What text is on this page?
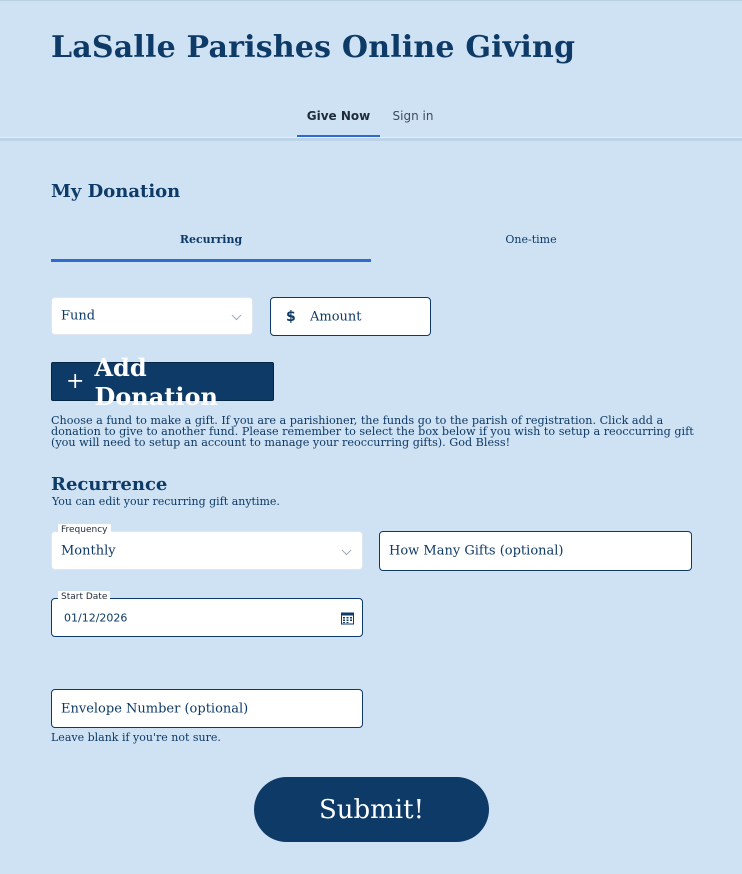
LaSalle Parishes Online Giving
Give Now	Sign in
My Donation
Recurring	One-time
Fund	$ Amount
+ Add Donation

Choose a fund to make a gift. If you are a parishioner, the funds go to the parish of registration. Click add a donation to give to another fund. Please remember to select the box below if you wish to setup a reoccurring gift (you will need to setup an account to manage your reoccurring gifts). God Bless!

Recurrence
You can edit your recurring gift anytime.
Frequency
Monthly	How Many Gifts (optional)
Start Date
01/12/2026
Envelope Number (optional)
Leave blank if you're not sure.
Submit!
